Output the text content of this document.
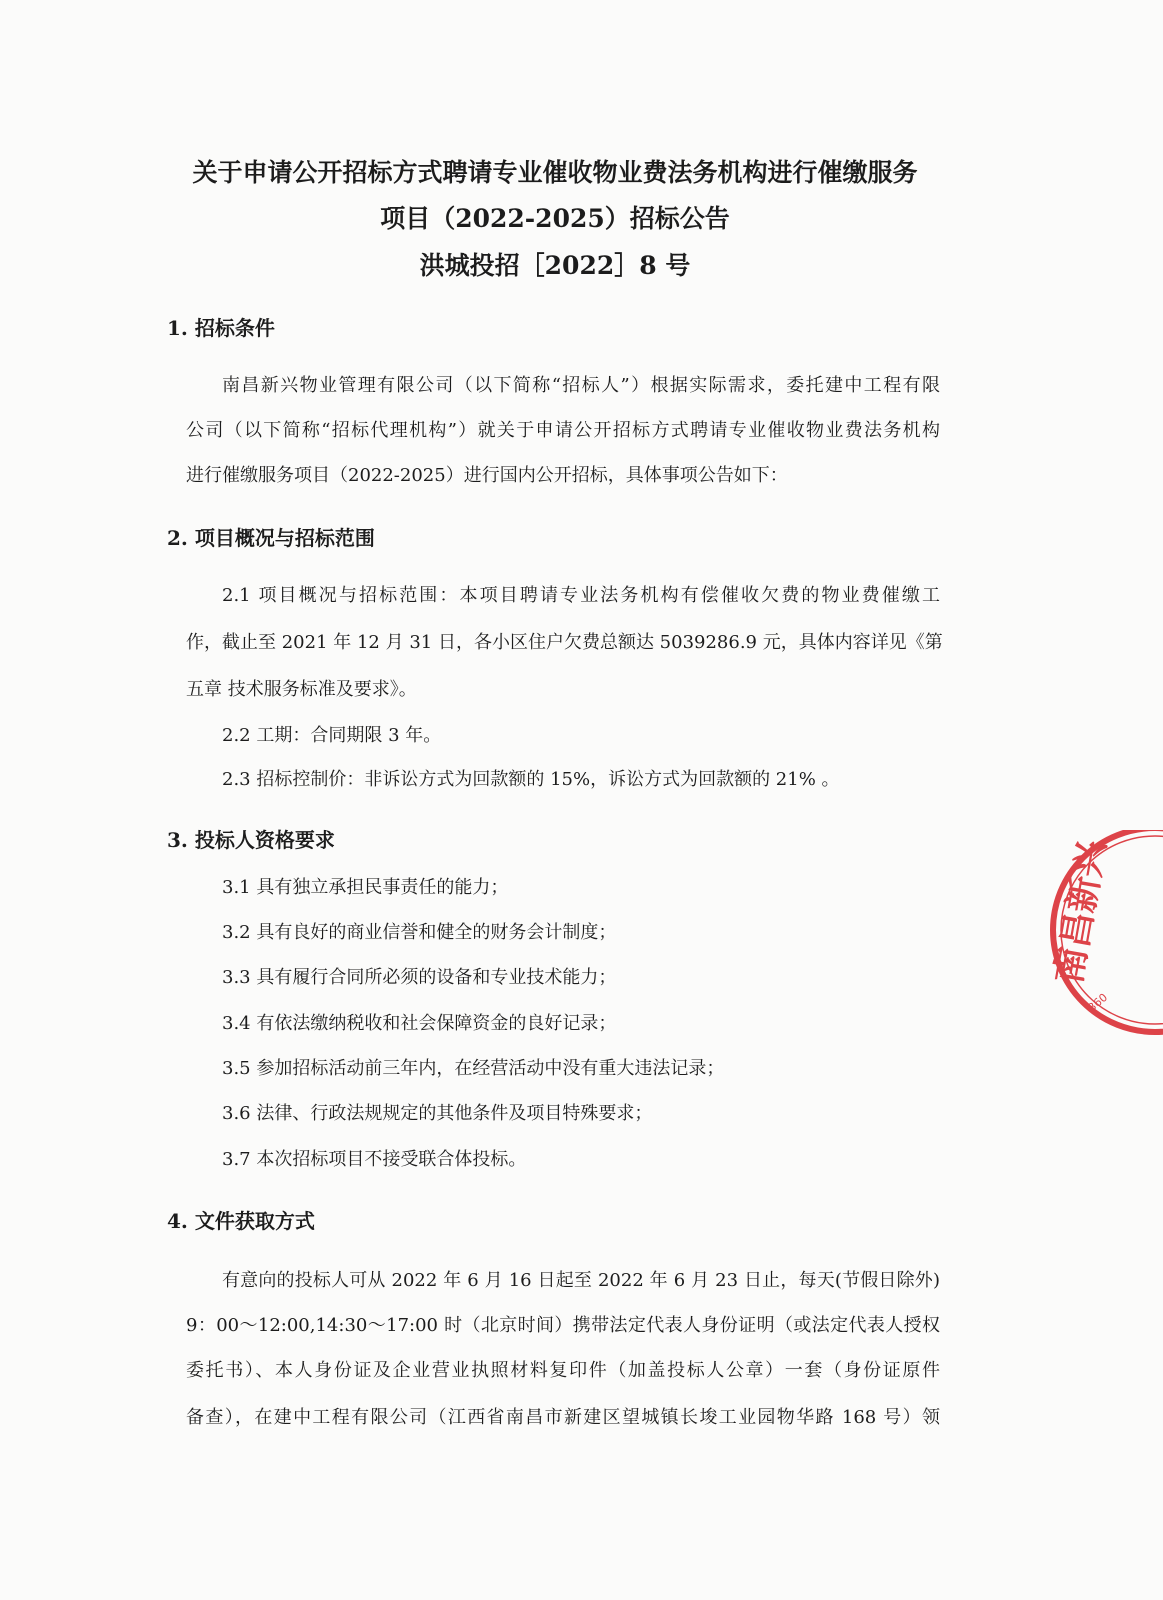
关于申请公开招标方式聘请专业催收物业费法务机构进行催缴服务
项目（2022-2025）招标公告
洪城投招［2022］8 号
1. 招标条件
南昌新兴物业管理有限公司（以下简称“招标人”）根据实际需求，委托建中工程有限
公司（以下简称“招标代理机构”）就关于申请公开招标方式聘请专业催收物业费法务机构
进行催缴服务项目（2022-2025）进行国内公开招标，具体事项公告如下：
2. 项目概况与招标范围
2.1 项目概况与招标范围：本项目聘请专业法务机构有偿催收欠费的物业费催缴工
作，截止至 2021 年 12 月 31 日，各小区住户欠费总额达 5039286.9 元，具体内容详见《第
五章 技术服务标准及要求》。
2.2 工期：合同期限 3 年。
2.3 招标控制价：非诉讼方式为回款额的 15%，诉讼方式为回款额的 21% 。
3. 投标人资格要求
3.1 具有独立承担民事责任的能力；
3.2 具有良好的商业信誉和健全的财务会计制度；
3.3 具有履行合同所必须的设备和专业技术能力；
3.4 有依法缴纳税收和社会保障资金的良好记录；
3.5 参加招标活动前三年内，在经营活动中没有重大违法记录；
3.6 法律、行政法规规定的其他条件及项目特殊要求；
3.7 本次招标项目不接受联合体投标。
4. 文件获取方式
有意向的投标人可从 2022 年 6 月 16 日起至 2022 年 6 月 23 日止，每天(节假日除外)
9：00～12:00,14:30～17:00 时（北京时间）携带法定代表人身份证明（或法定代表人授权
委托书）、本人身份证及企业营业执照材料复印件（加盖投标人公章）一套（身份证原件
备查），在建中工程有限公司（江西省南昌市新建区望城镇长埈工业园物华路 168 号）领
南昌新兴
360
